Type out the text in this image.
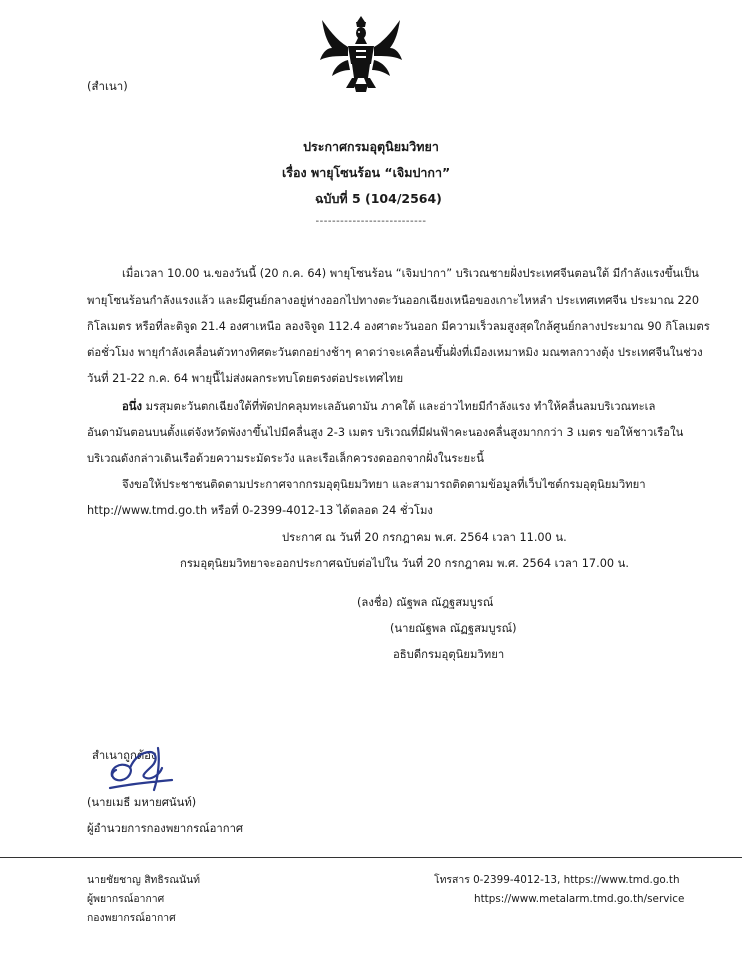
(สำเนา)
ประกาศกรมอุตุนิยมวิทยา
เรื่อง พายุโซนร้อน “เจิมปากา”
ฉบับที่ 5 (104/2564)
---------------------------
เมื่อเวลา 10.00 น.ของวันนี้ (20 ก.ค. 64) พายุโซนร้อน “เจิมปากา” บริเวณชายฝั่งประเทศจีนตอนใต้ มีกำลังแรงขึ้นเป็น
พายุโซนร้อนกำลังแรงแล้ว และมีศูนย์กลางอยู่ห่างออกไปทางตะวันออกเฉียงเหนือของเกาะไหหลำ ประเทศเทศจีน ประมาณ 220
กิโลเมตร หรือที่ละติจูด 21.4 องศาเหนือ ลองจิจูด 112.4 องศาตะวันออก มีความเร็วลมสูงสุดใกล้ศูนย์กลางประมาณ 90 กิโลเมตร
ต่อชั่วโมง พายุกำลังเคลื่อนตัวทางทิศตะวันตกอย่างช้าๆ คาดว่าจะเคลื่อนขึ้นฝั่งที่เมืองเหมาหมิง มณฑลกวางตุ้ง ประเทศจีนในช่วง
วันที่ 21-22 ก.ค. 64 พายุนี้ไม่ส่งผลกระทบโดยตรงต่อประเทศไทย
อนึ่ง มรสุมตะวันตกเฉียงใต้ที่พัดปกคลุมทะเลอันดามัน ภาคใต้ และอ่าวไทยมีกำลังแรง ทำให้คลื่นลมบริเวณทะเล
อันดามันตอนบนตั้งแต่จังหวัดพังงาขึ้นไปมีคลื่นสูง 2-3 เมตร บริเวณที่มีฝนฟ้าคะนองคลื่นสูงมากกว่า 3 เมตร ขอให้ชาวเรือใน
บริเวณดังกล่าวเดินเรือด้วยความระมัดระวัง และเรือเล็กควรงดออกจากฝั่งในระยะนี้
จึงขอให้ประชาชนติดตามประกาศจากกรมอุตุนิยมวิทยา และสามารถติดตามข้อมูลที่เว็บไซต์กรมอุตุนิยมวิทยา
http://www.tmd.go.th หรือที่ 0-2399-4012-13 ได้ตลอด 24 ชั่วโมง
ประกาศ ณ วันที่ 20 กรกฎาคม พ.ศ. 2564 เวลา 11.00 น.
กรมอุตุนิยมวิทยาจะออกประกาศฉบับต่อไปใน วันที่ 20 กรกฎาคม พ.ศ. 2564 เวลา 17.00 น.
(ลงชื่อ) ณัฐพล ณัฎฐสมบูรณ์
(นายณัฐพล ณัฏฐสมบูรณ์)
อธิบดีกรมอุตุนิยมวิทยา
สำเนาถูกต้อง
(นายเมธี มหายศนันท์)
ผู้อำนวยการกองพยากรณ์อากาศ
นายชัยชาญ สิทธิรณนันท์
ผู้พยากรณ์อากาศ
กองพยากรณ์อากาศ
โทรสาร 0-2399-4012-13, https://www.tmd.go.th
https://www.metalarm.tmd.go.th/service
